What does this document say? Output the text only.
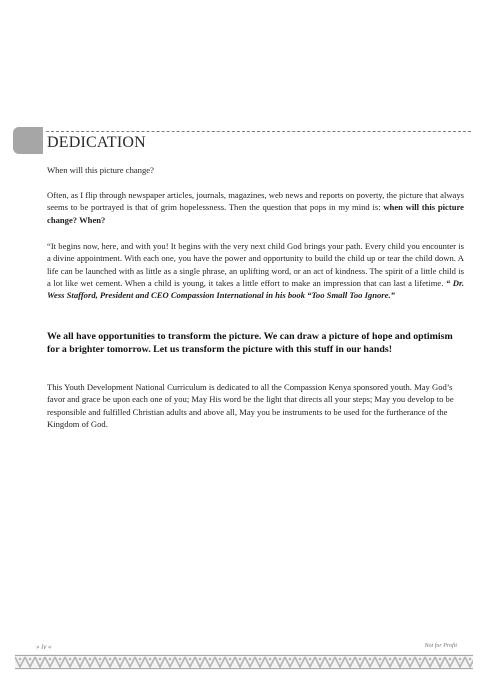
DEDICATION
When will this picture change?
Often, as I flip through newspaper articles, journals, magazines, web news and reports on poverty, the picture that always seems to be portrayed is that of grim hopelessness. Then the question that pops in my mind is: when will this picture change? When?
“It begins now, here, and with you! It begins with the very next child God brings your path. Every child you encounter is a divine appointment. With each one, you have the power and opportunity to build the child up or tear the child down. A life can be launched with as little as a single phrase, an uplifting word, or an act of kindness. The spirit of a little child is a lot like wet cement. When a child is young, it takes a little effort to make an impression that can last a lifetime. “ Dr. Wess Stafford, President and CEO Compassion International in his book “Too Small Too Ignore.”
We all have opportunities to transform the picture. We can draw a picture of hope and optimism for a brighter tomorrow. Let us transform the picture with this stuff in our hands!
This Youth Development National Curriculum is dedicated to all the Compassion Kenya sponsored youth. May God’s favor and grace be upon each one of you; May His word be the light that directs all your steps; May you develop to be responsible and fulfilled Christian adults and above all, May you be instruments to be used for the furtherance of the Kingdom of God.
» iv «	Not for Profit
